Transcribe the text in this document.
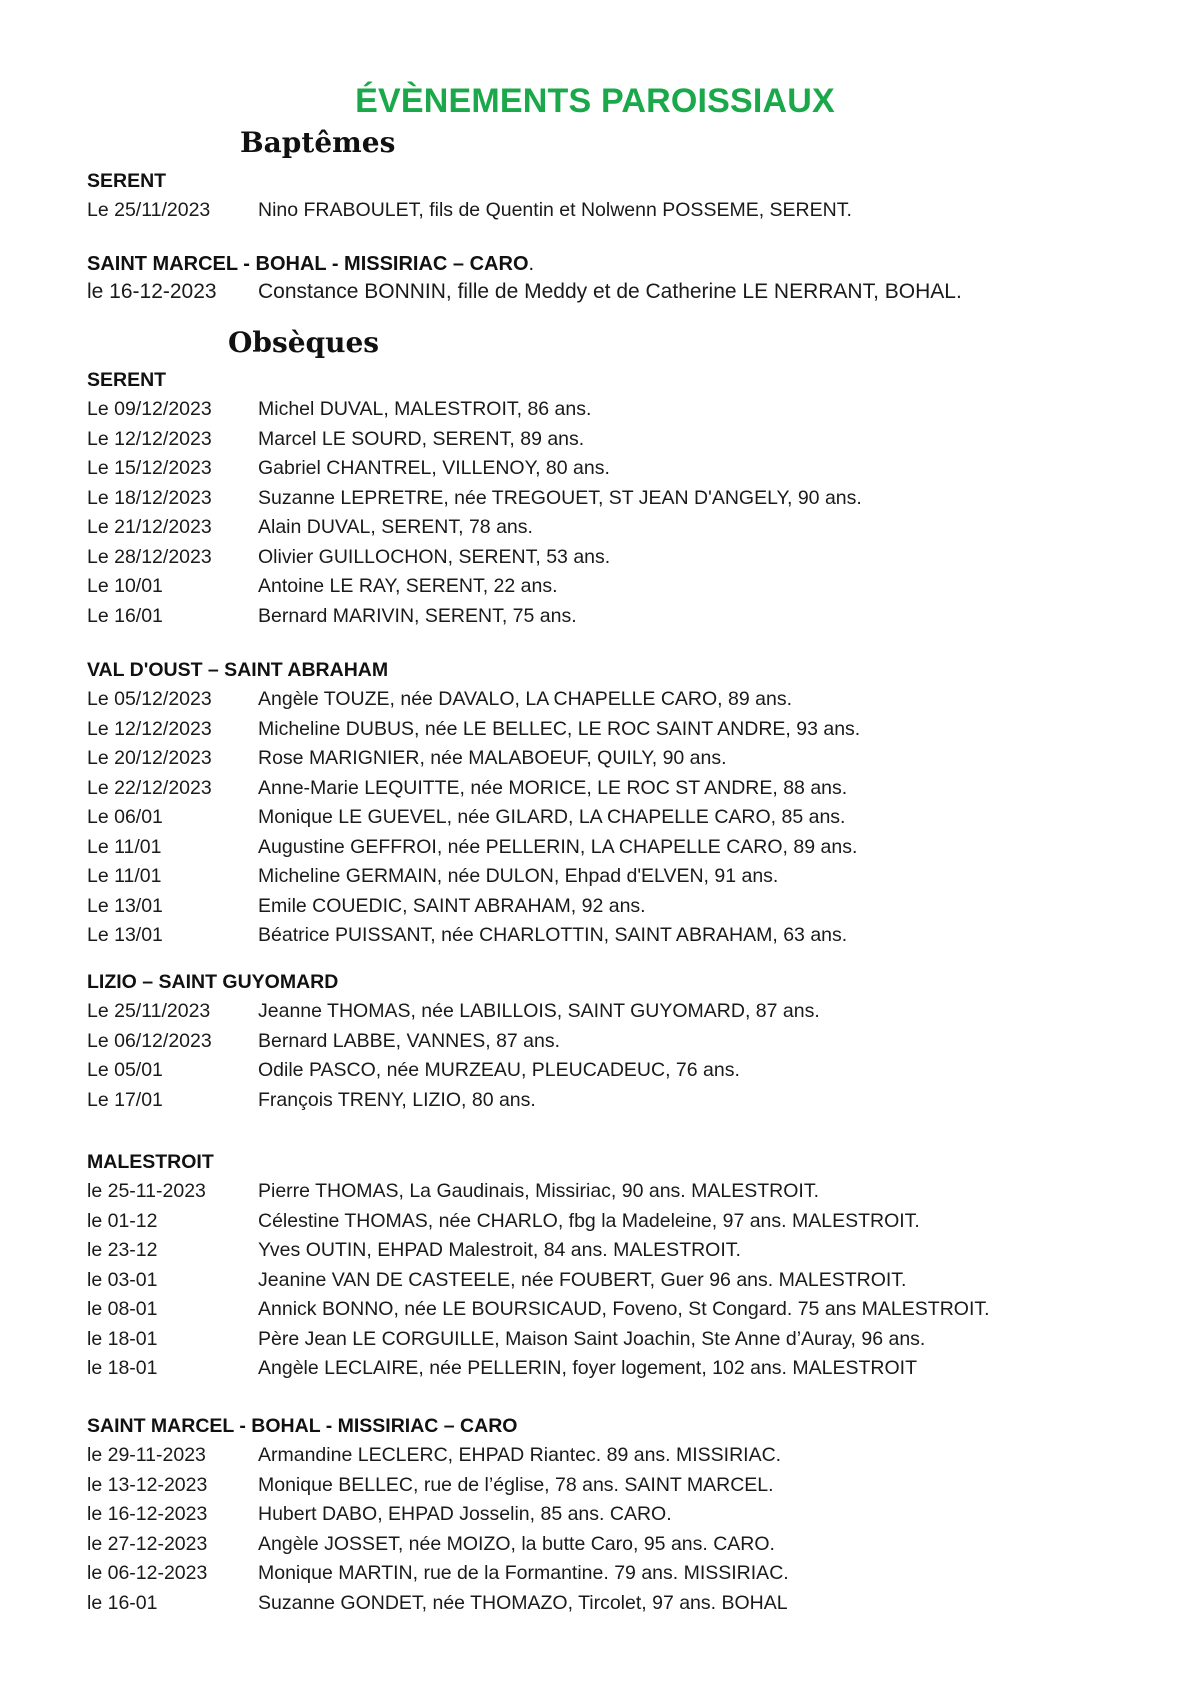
ÉVÈNEMENTS PAROISSIAUX
Baptêmes
SERENT
Le 25/11/2023 Nino FRABOULET, fils de Quentin et Nolwenn POSSEME, SERENT.
SAINT MARCEL - BOHAL - MISSIRIAC – CARO.
le 16-12-2023 Constance BONNIN, fille de Meddy et de Catherine LE NERRANT, BOHAL.
Obsèques
SERENT
Le 09/12/2023 Michel DUVAL, MALESTROIT, 86 ans.
Le 12/12/2023 Marcel LE SOURD, SERENT, 89 ans.
Le 15/12/2023 Gabriel CHANTREL, VILLENOY, 80 ans.
Le 18/12/2023 Suzanne LEPRETRE, née TREGOUET, ST JEAN D'ANGELY, 90 ans.
Le 21/12/2023 Alain DUVAL, SERENT, 78 ans.
Le 28/12/2023 Olivier GUILLOCHON, SERENT, 53 ans.
Le 10/01	Antoine LE RAY, SERENT, 22 ans.
Le 16/01	Bernard MARIVIN, SERENT, 75 ans.
VAL D'OUST – SAINT ABRAHAM
Le 05/12/2023 Angèle TOUZE, née DAVALO, LA CHAPELLE CARO, 89 ans.
Le 12/12/2023 Micheline DUBUS, née LE BELLEC, LE ROC SAINT ANDRE, 93 ans.
Le 20/12/2023 Rose MARIGNIER, née MALABOEUF, QUILY, 90 ans.
Le 22/12/2023 Anne-Marie LEQUITTE, née MORICE, LE ROC ST ANDRE, 88 ans.
Le 06/01	Monique LE GUEVEL, née GILARD, LA CHAPELLE CARO, 85 ans.
Le 11/01	Augustine GEFFROI, née PELLERIN, LA CHAPELLE CARO, 89 ans.
Le 11/01	Micheline GERMAIN, née DULON, Ehpad d'ELVEN, 91 ans.
Le 13/01	Emile COUEDIC, SAINT ABRAHAM, 92 ans.
Le 13/01	Béatrice PUISSANT, née CHARLOTTIN, SAINT ABRAHAM, 63 ans.
LIZIO – SAINT GUYOMARD
Le 25/11/2023 Jeanne THOMAS, née LABILLOIS, SAINT GUYOMARD, 87 ans.
Le 06/12/2023 Bernard LABBE, VANNES, 87 ans.
Le 05/01	Odile PASCO, née MURZEAU, PLEUCADEUC, 76 ans.
Le 17/01	François TRENY, LIZIO, 80 ans.
MALESTROIT
le 25-11-2023	Pierre THOMAS, La Gaudinais, Missiriac, 90 ans. MALESTROIT.
le 01-12	Célestine THOMAS, née CHARLO, fbg la Madeleine, 97 ans. MALESTROIT.
le 23-12	Yves OUTIN, EHPAD Malestroit, 84 ans. MALESTROIT.
le 03-01	Jeanine VAN DE CASTEELE, née FOUBERT, Guer 96 ans. MALESTROIT.
le 08-01	Annick BONNO, née LE BOURSICAUD, Foveno, St Congard. 75 ans MALESTROIT.
le 18-01	Père Jean LE CORGUILLE, Maison Saint Joachin, Ste Anne d’Auray, 96 ans.
le 18-01	Angèle LECLAIRE, née PELLERIN, foyer logement, 102 ans. MALESTROIT
SAINT MARCEL - BOHAL - MISSIRIAC – CARO
le 29-11-2023	Armandine LECLERC, EHPAD Riantec. 89 ans. MISSIRIAC.
le 13-12-2023	Monique BELLEC, rue de l’église, 78 ans. SAINT MARCEL.
le 16-12-2023	Hubert DABO, EHPAD Josselin, 85 ans. CARO.
le 27-12-2023	Angèle JOSSET, née MOIZO, la butte Caro, 95 ans. CARO.
le 06-12-2023	Monique MARTIN, rue de la Formantine. 79 ans. MISSIRIAC.
le 16-01	Suzanne GONDET, née THOMAZO, Tircolet, 97 ans. BOHAL
